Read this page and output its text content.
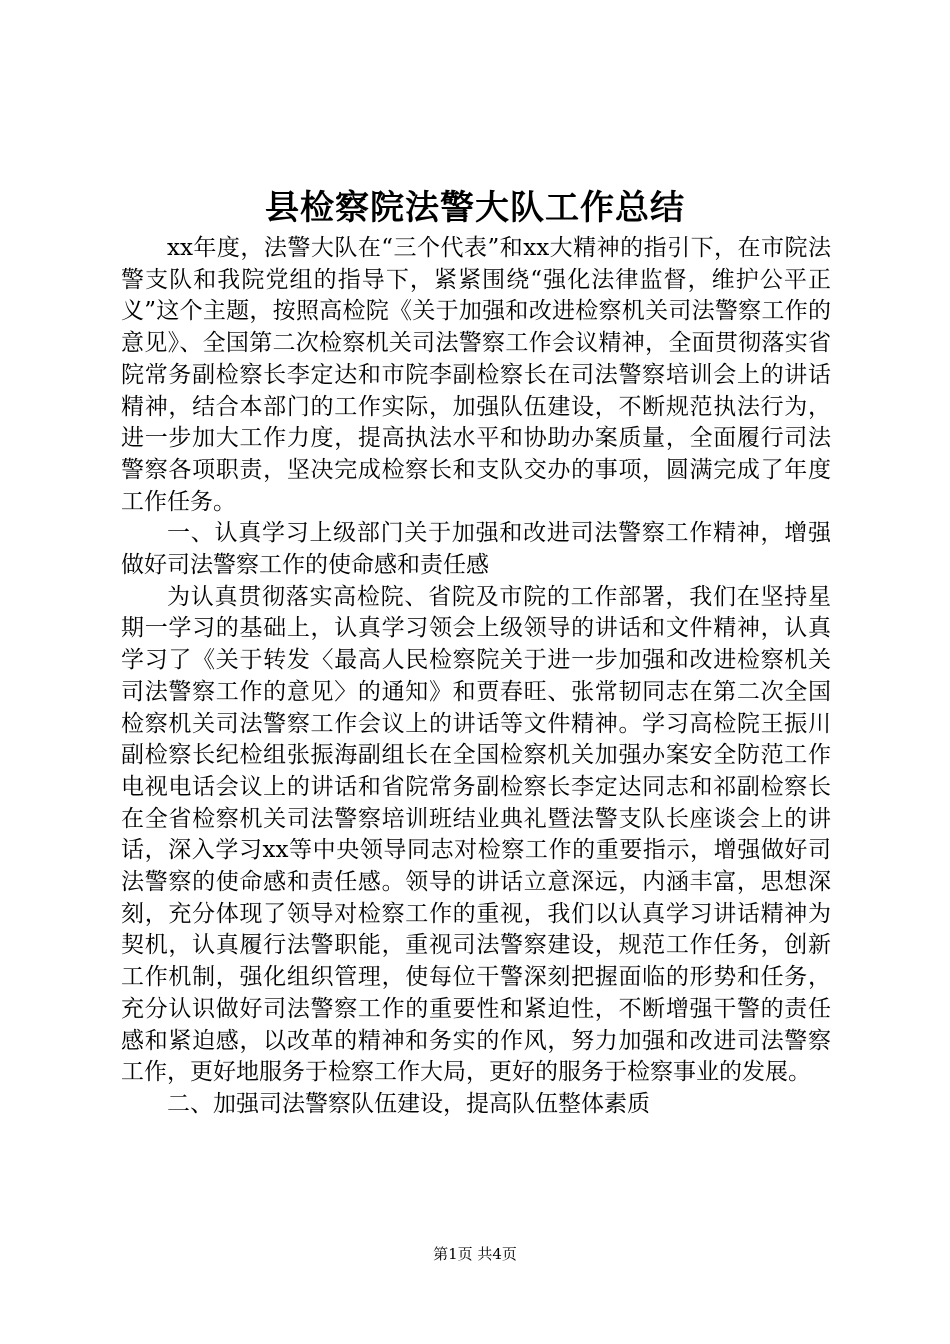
县检察院法警大队工作总结

xx年度，法警大队在“三个代表”和xx大精神的指引下，在市院法警支队和我院党组的指导下，紧紧围绕“强化法律监督，维护公平正义”这个主题，按照高检院《关于加强和改进检察机关司法警察工作的意见》、全国第二次检察机关司法警察工作会议精神，全面贯彻落实省院常务副检察长李定达和市院李副检察长在司法警察培训会上的讲话精神，结合本部门的工作实际，加强队伍建设，不断规范执法行为，进一步加大工作力度，提高执法水平和协助办案质量，全面履行司法警察各项职责，坚决完成检察长和支队交办的事项，圆满完成了年度工作任务。

一、认真学习上级部门关于加强和改进司法警察工作精神，增强做好司法警察工作的使命感和责任感

为认真贯彻落实高检院、省院及市院的工作部署，我们在坚持星期一学习的基础上，认真学习领会上级领导的讲话和文件精神，认真学习了《关于转发〈最高人民检察院关于进一步加强和改进检察机关司法警察工作的意见〉的通知》和贾春旺、张常韧同志在第二次全国检察机关司法警察工作会议上的讲话等文件精神。学习高检院王振川副检察长纪检组张振海副组长在全国检察机关加强办案安全防范工作电视电话会议上的讲话和省院常务副检察长李定达同志和祁副检察长在全省检察机关司法警察培训班结业典礼暨法警支队长座谈会上的讲话，深入学习xx等中央领导同志对检察工作的重要指示，增强做好司法警察的使命感和责任感。领导的讲话立意深远，内涵丰富，思想深刻，充分体现了领导对检察工作的重视，我们以认真学习讲话精神为契机，认真履行法警职能，重视司法警察建设，规范工作任务，创新工作机制，强化组织管理，使每位干警深刻把握面临的形势和任务，充分认识做好司法警察工作的重要性和紧迫性，不断增强干警的责任感和紧迫感，以改革的精神和务实的作风，努力加强和改进司法警察工作，更好地服务于检察工作大局，更好的服务于检察事业的发展。

二、加强司法警察队伍建设，提高队伍整体素质

第1页 共4页
